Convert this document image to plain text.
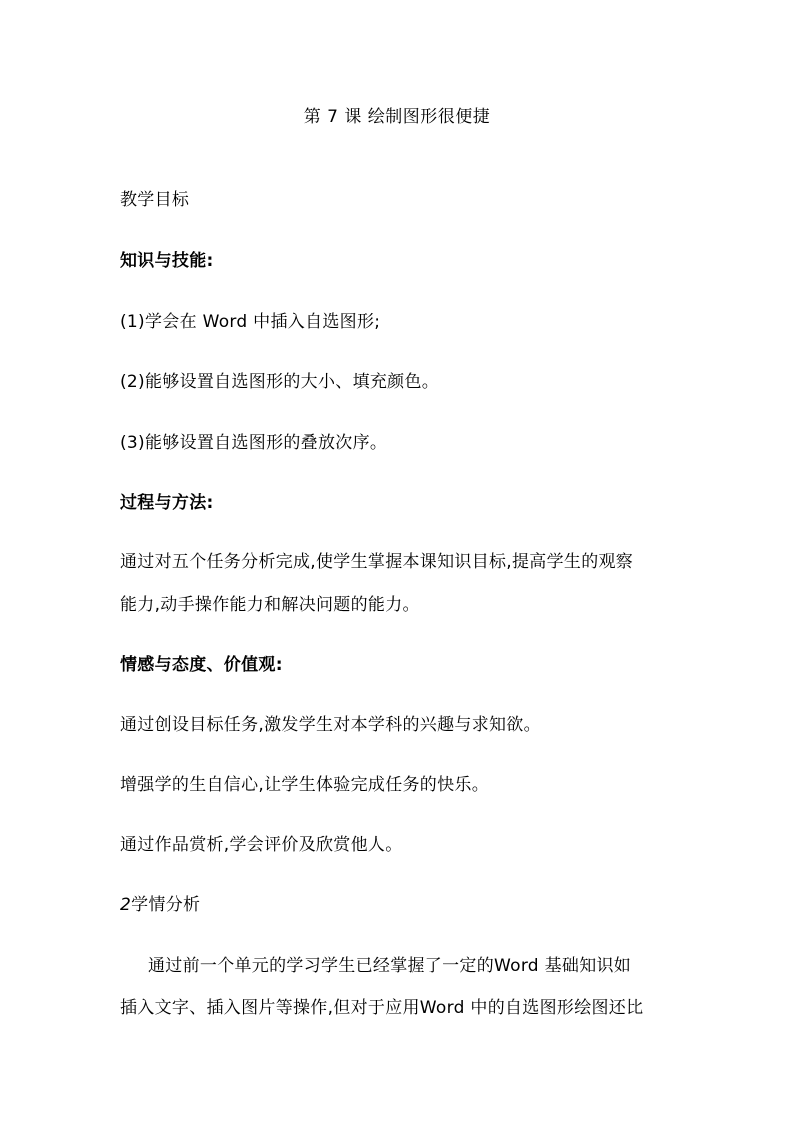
第 7 课 绘制图形很便捷
教学目标
知识与技能:
(1)学会在 Word 中插入自选图形;
(2)能够设置自选图形的大小、填充颜色。
(3)能够设置自选图形的叠放次序。
过程与方法:
通过对五个任务分析完成,使学生掌握本课知识目标,提高学生的观察
能力,动手操作能力和解决问题的能力。
情感与态度、价值观:
通过创设目标任务,激发学生对本学科的兴趣与求知欲。
增强学的生自信心,让学生体验完成任务的快乐。
通过作品赏析,学会评价及欣赏他人。
2学情分析
通过前一个单元的学习学生已经掌握了一定的Word 基础知识如
插入文字、插入图片等操作,但对于应用Word 中的自选图形绘图还比
